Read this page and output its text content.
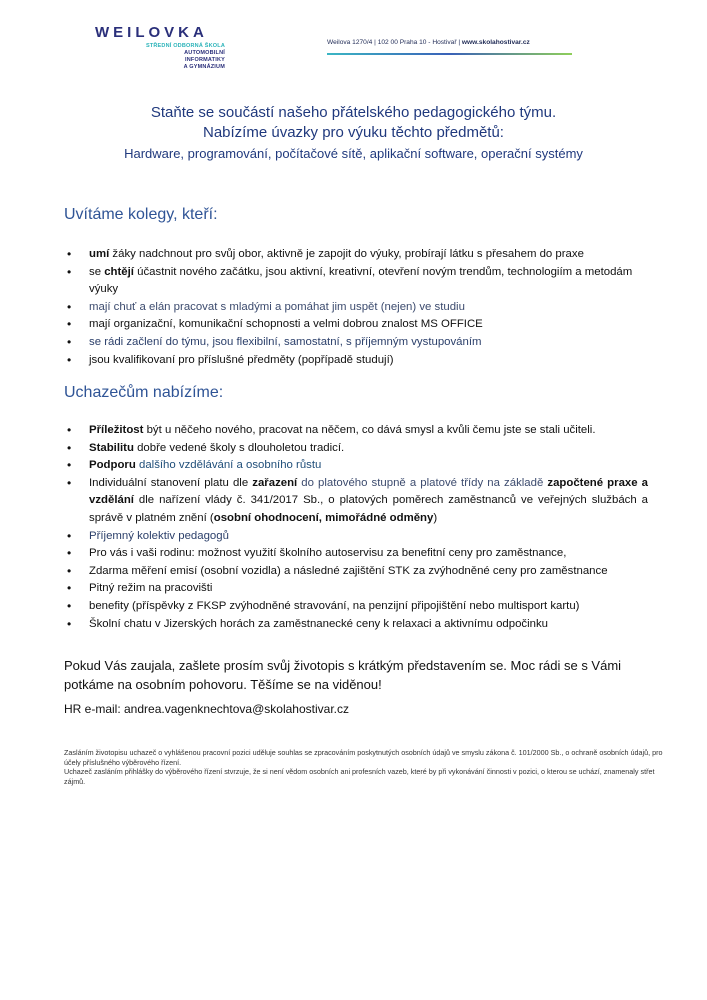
WEILOVKA
STŘEDNÍ ODBORNÁ ŠKOLA
AUTOMOBILNÍ
INFORMATIKY
A GYMNÁZIUM
Weilova 1270/4 | 102 00 Praha 10 - Hostivař | www.skolahostivar.cz
Staňte se součástí našeho přátelského pedagogického týmu.
Nabízíme úvazky pro výuku těchto předmětů:
Hardware, programování, počítačové sítě, aplikační software, operační systémy
Uvítáme kolegy, kteří:
• umí žáky nadchnout pro svůj obor, aktivně je zapojit do výuky, probírají látku s přesahem do praxe
• se chtějí účastnit nového začátku, jsou aktivní, kreativní, otevření novým trendům, technologiím a metodám výuky
• mají chuť a elán pracovat s mladými a pomáhat jim uspět (nejen) ve studiu
• mají organizační, komunikační schopnosti a velmi dobrou znalost MS OFFICE
• se rádi začlení do týmu, jsou flexibilní, samostatní, s příjemným vystupováním
• jsou kvalifikovaní pro příslušné předměty (popřípadě studují)
Uchazečům nabízíme:
• Příležitost být u něčeho nového, pracovat na něčem, co dává smysl a kvůli čemu jste se stali učiteli.
• Stabilitu dobře vedené školy s dlouholetou tradicí.
• Podporu dalšího vzdělávání a osobního růstu
• Individuální stanovení platu dle zařazení do platového stupně a platové třídy na základě započtené praxe a vzdělání dle nařízení vlády č. 341/2017 Sb., o platových poměrech zaměstnanců ve veřejných službách a správě v platném znění (osobní ohodnocení, mimořádné odměny)
• Příjemný kolektiv pedagogů
• Pro vás i vaši rodinu: možnost využití školního autoservisu za benefitní ceny pro zaměstnance,
• Zdarma měření emisí (osobní vozidla) a následné zajištění STK za zvýhodněné ceny pro zaměstnance
• Pitný režim na pracovišti
• benefity (příspěvky z FKSP zvýhodněné stravování, na penzijní připojištění nebo multisport kartu)
• Školní chatu v Jizerských horách za zaměstnanecké ceny k relaxaci a aktivnímu odpočinku
Pokud Vás zaujala, zašlete prosím svůj životopis s krátkým představením se. Moc rádi se s Vámi potkáme na osobním pohovoru. Těšíme se na viděnou!
HR e-mail: andrea.vagenknechtova@skolahostivar.cz
Zasláním životopisu uchazeč o vyhlášenou pracovní pozici uděluje souhlas se zpracováním poskytnutých osobních údajů ve smyslu zákona č. 101/2000 Sb., o ochraně osobních údajů, pro účely příslušného výběrového řízení.
Uchazeč zasláním přihlášky do výběrového řízení stvrzuje, že si není vědom osobních ani profesních vazeb, které by při vykonávání činnosti v pozici, o kterou se uchází, znamenaly střet zájmů.
